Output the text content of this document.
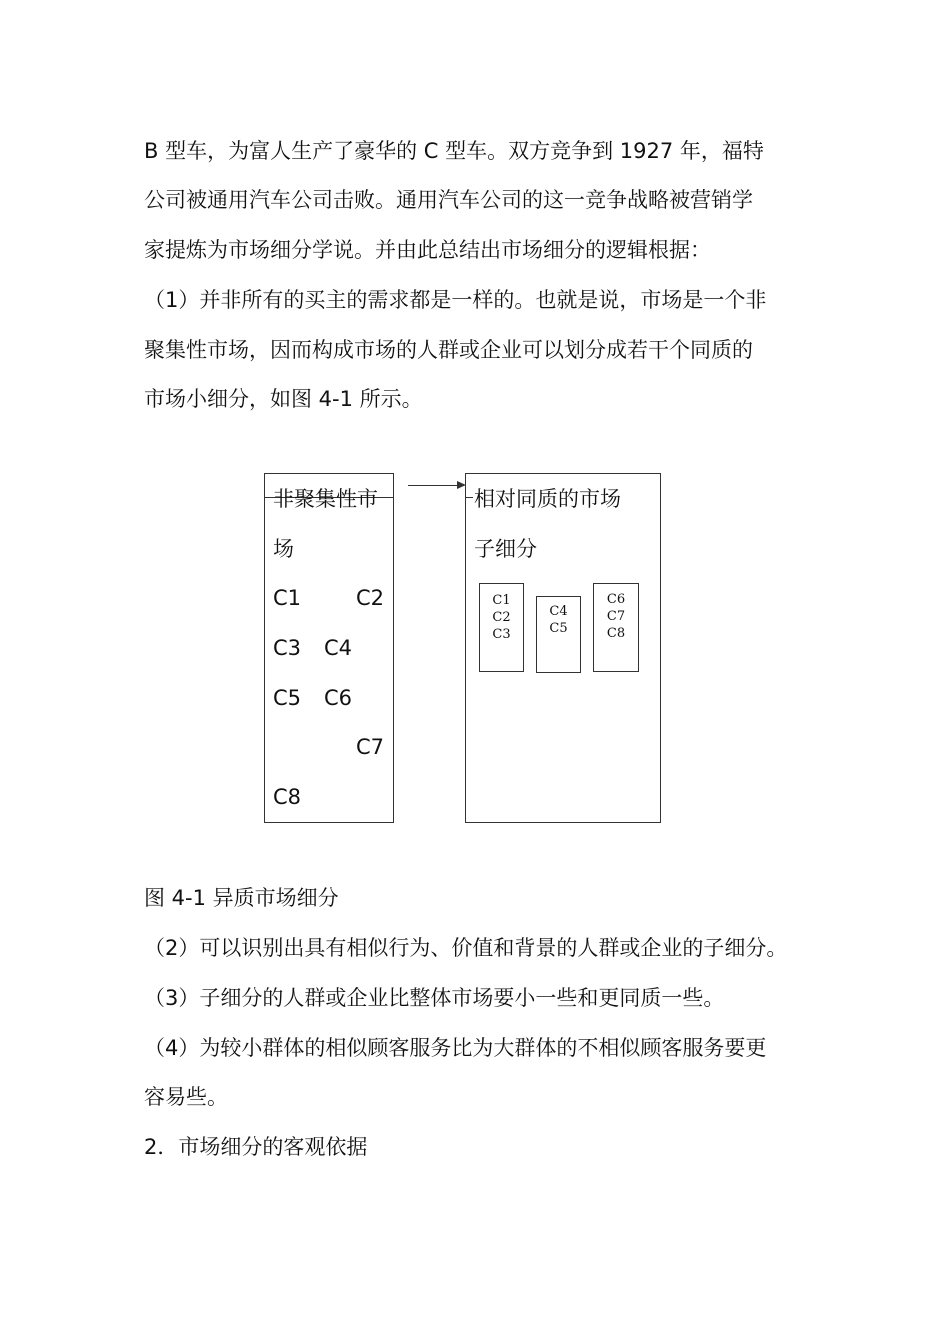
B 型车，为富人生产了豪华的 C 型车。双方竞争到 1927 年，福特
公司被通用汽车公司击败。通用汽车公司的这一竞争战略被营销学
家提炼为市场细分学说。并由此总结出市场细分的逻辑根据：
（1）并非所有的买主的需求都是一样的。也就是说，市场是一个非
聚集性市场，因而构成市场的人群或企业可以划分成若干个同质的
市场小细分，如图 4-1 所示。
非聚集性市
场
C1	C2
C3 C4
C5 C6
C7
C8
相对同质的市场
子细分
C1
C2
C3
C4
C5
C6
C7
C8
图 4-1 异质市场细分
（2）可以识别出具有相似行为、价值和背景的人群或企业的子细分。
（3）子细分的人群或企业比整体市场要小一些和更同质一些。
（4）为较小群体的相似顾客服务比为大群体的不相似顾客服务要更
容易些。
2．市场细分的客观依据
